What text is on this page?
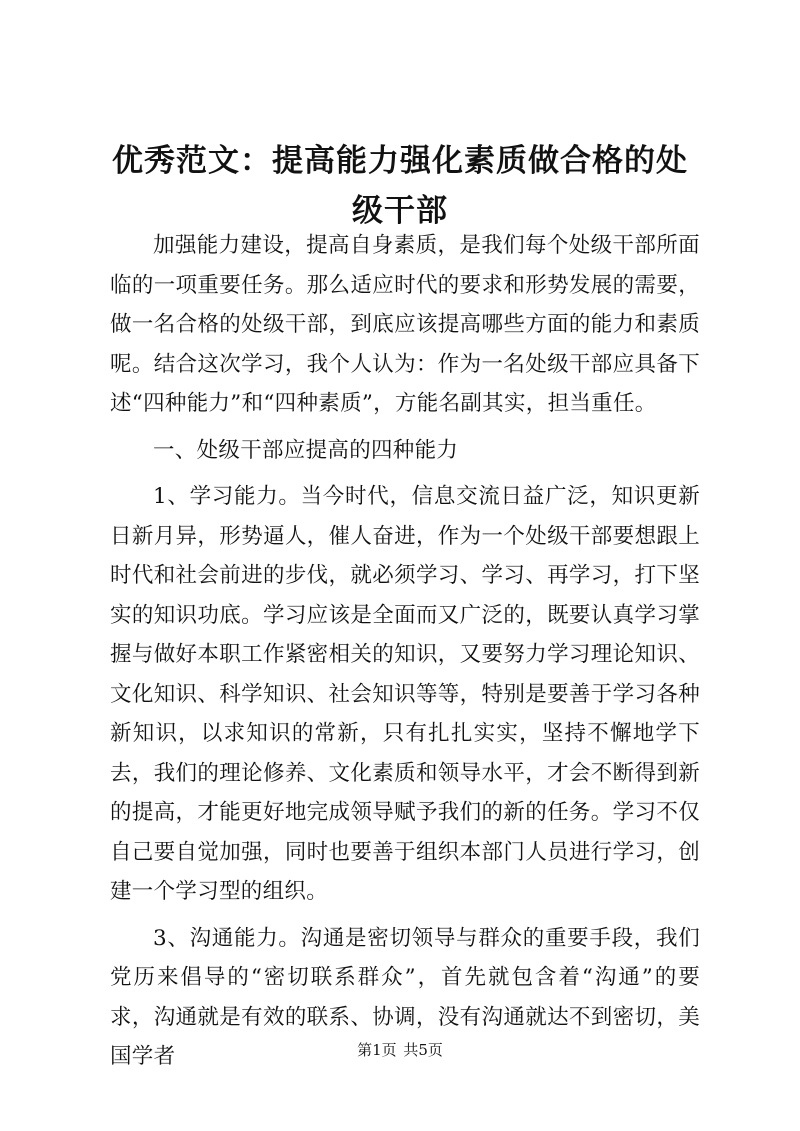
优秀范文：提高能力强化素质做合格的处级干部

加强能力建设，提高自身素质，是我们每个处级干部所面临的一项重要任务。那么适应时代的要求和形势发展的需要，做一名合格的处级干部，到底应该提高哪些方面的能力和素质呢。结合这次学习，我个人认为：作为一名处级干部应具备下述“四种能力”和“四种素质”，方能名副其实，担当重任。

一、处级干部应提高的四种能力

1、学习能力。当今时代，信息交流日益广泛，知识更新日新月异，形势逼人，催人奋进，作为一个处级干部要想跟上时代和社会前进的步伐，就必须学习、学习、再学习，打下坚实的知识功底。学习应该是全面而又广泛的，既要认真学习掌握与做好本职工作紧密相关的知识，又要努力学习理论知识、文化知识、科学知识、社会知识等等，特别是要善于学习各种新知识，以求知识的常新，只有扎扎实实，坚持不懈地学下去，我们的理论修养、文化素质和领导水平，才会不断得到新的提高，才能更好地完成领导赋予我们的新的任务。学习不仅自己要自觉加强，同时也要善于组织本部门人员进行学习，创建一个学习型的组织。

3、沟通能力。沟通是密切领导与群众的重要手段，我们党历来倡导的“密切联系群众”，首先就包含着“沟通”的要求，沟通就是有效的联系、协调，没有沟通就达不到密切，美国学者	第1页 共5页
